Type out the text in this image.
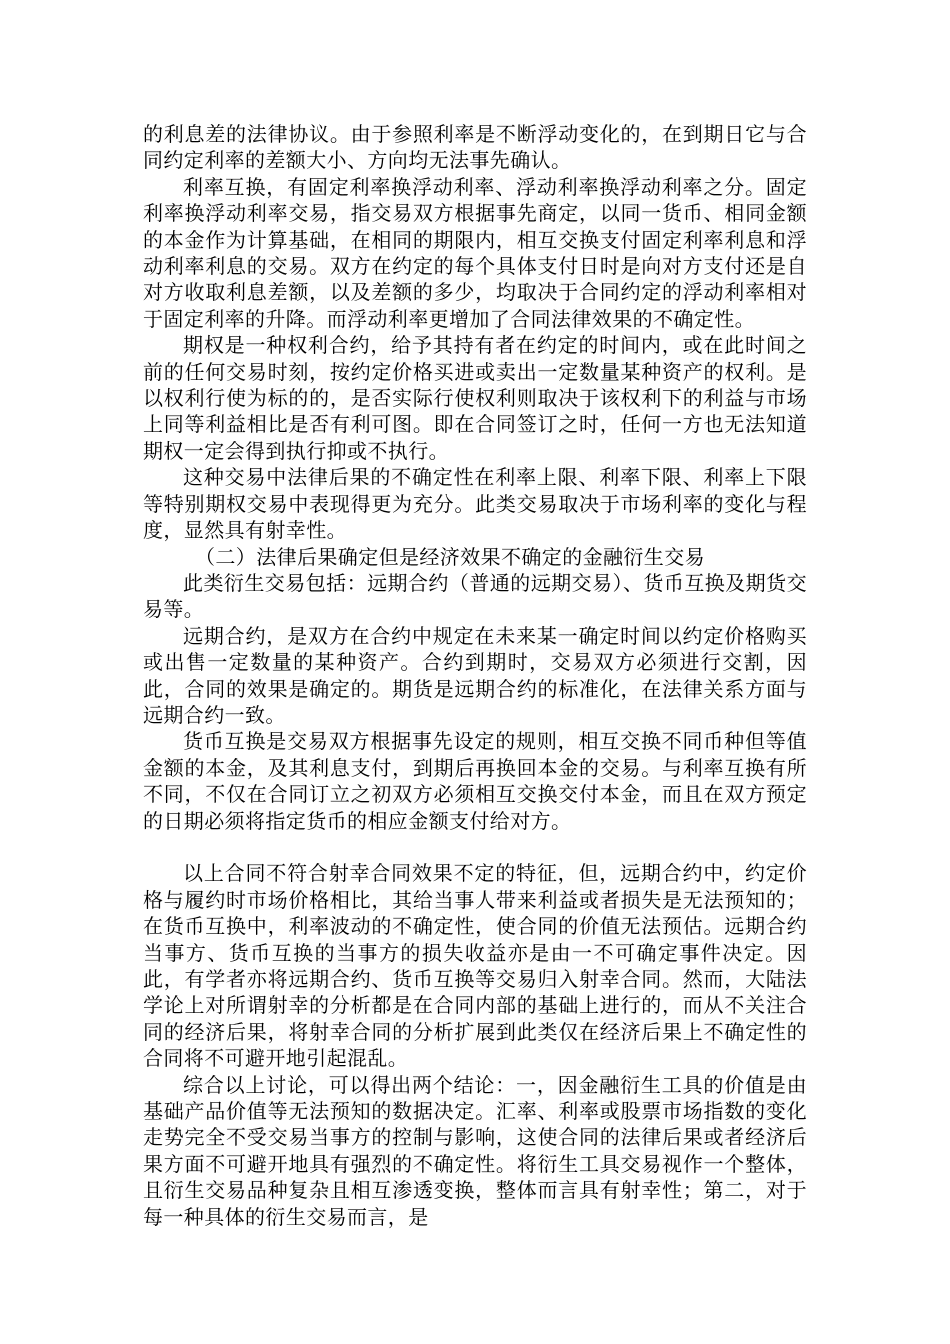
的利息差的法律协议。由于参照利率是不断浮动变化的，在到期日它与合同约定利率的差额大小、方向均无法事先确认。

利率互换，有固定利率换浮动利率、浮动利率换浮动利率之分。固定利率换浮动利率交易，指交易双方根据事先商定，以同一货币、相同金额的本金作为计算基础，在相同的期限内，相互交换支付固定利率利息和浮动利率利息的交易。双方在约定的每个具体支付日时是向对方支付还是自对方收取利息差额，以及差额的多少，均取决于合同约定的浮动利率相对于固定利率的升降。而浮动利率更增加了合同法律效果的不确定性。

期权是一种权利合约，给予其持有者在约定的时间内，或在此时间之前的任何交易时刻，按约定价格买进或卖出一定数量某种资产的权利。是以权利行使为标的的，是否实际行使权利则取决于该权利下的利益与市场上同等利益相比是否有利可图。即在合同签订之时，任何一方也无法知道期权一定会得到执行抑或不执行。

这种交易中法律后果的不确定性在利率上限、利率下限、利率上下限等特别期权交易中表现得更为充分。此类交易取决于市场利率的变化与程度，显然具有射幸性。

（二）法律后果确定但是经济效果不确定的金融衍生交易

此类衍生交易包括：远期合约（普通的远期交易）、货币互换及期货交易等。

远期合约，是双方在合约中规定在未来某一确定时间以约定价格购买或出售一定数量的某种资产。合约到期时，交易双方必须进行交割，因此，合同的效果是确定的。期货是远期合约的标准化，在法律关系方面与远期合约一致。

货币互换是交易双方根据事先设定的规则，相互交换不同币种但等值金额的本金，及其利息支付，到期后再换回本金的交易。与利率互换有所不同，不仅在合同订立之初双方必须相互交换交付本金，而且在双方预定的日期必须将指定货币的相应金额支付给对方。

以上合同不符合射幸合同效果不定的特征，但，远期合约中，约定价格与履约时市场价格相比，其给当事人带来利益或者损失是无法预知的；在货币互换中，利率波动的不确定性，使合同的价值无法预估。远期合约当事方、货币互换的当事方的损失收益亦是由一不可确定事件决定。因此，有学者亦将远期合约、货币互换等交易归入射幸合同。然而，大陆法学论上对所谓射幸的分析都是在合同内部的基础上进行的，而从不关注合同的经济后果，将射幸合同的分析扩展到此类仅在经济后果上不确定性的合同将不可避开地引起混乱。

综合以上讨论，可以得出两个结论：一，因金融衍生工具的价值是由基础产品价值等无法预知的数据决定。汇率、利率或股票市场指数的变化走势完全不受交易当事方的控制与影响，这使合同的法律后果或者经济后果方面不可避开地具有强烈的不确定性。将衍生工具交易视作一个整体，且衍生交易品种复杂且相互渗透变换，整体而言具有射幸性；第二，对于每一种具体的衍生交易而言，是
